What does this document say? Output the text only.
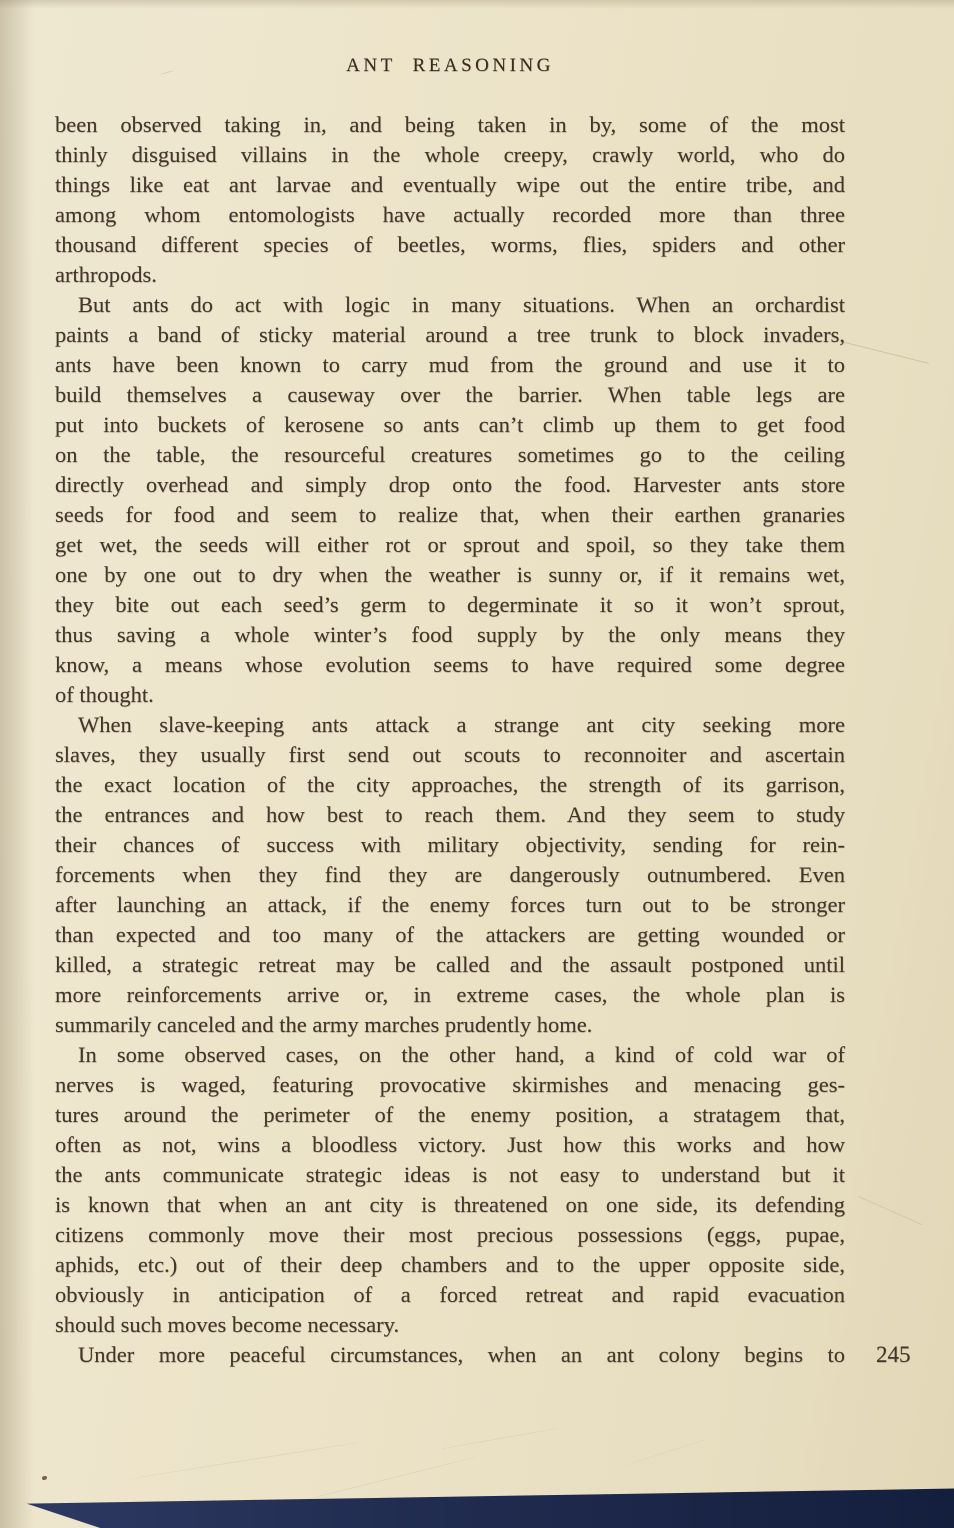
ANT REASONING
been observed taking in, and being taken in by, some of the most
thinly disguised villains in the whole creepy, crawly world, who do
things like eat ant larvae and eventually wipe out the entire tribe, and
among whom entomologists have actually recorded more than three
thousand different species of beetles, worms, flies, spiders and other
arthropods.
But ants do act with logic in many situations. When an orchardist
paints a band of sticky material around a tree trunk to block invaders,
ants have been known to carry mud from the ground and use it to
build themselves a causeway over the barrier. When table legs are
put into buckets of kerosene so ants can’t climb up them to get food
on the table, the resourceful creatures sometimes go to the ceiling
directly overhead and simply drop onto the food. Harvester ants store
seeds for food and seem to realize that, when their earthen granaries
get wet, the seeds will either rot or sprout and spoil, so they take them
one by one out to dry when the weather is sunny or, if it remains wet,
they bite out each seed’s germ to degerminate it so it won’t sprout,
thus saving a whole winter’s food supply by the only means they
know, a means whose evolution seems to have required some degree
of thought.
When slave-keeping ants attack a strange ant city seeking more
slaves, they usually first send out scouts to reconnoiter and ascertain
the exact location of the city approaches, the strength of its garrison,
the entrances and how best to reach them. And they seem to study
their chances of success with military objectivity, sending for rein-
forcements when they find they are dangerously outnumbered. Even
after launching an attack, if the enemy forces turn out to be stronger
than expected and too many of the attackers are getting wounded or
killed, a strategic retreat may be called and the assault postponed until
more reinforcements arrive or, in extreme cases, the whole plan is
summarily canceled and the army marches prudently home.
In some observed cases, on the other hand, a kind of cold war of
nerves is waged, featuring provocative skirmishes and menacing ges-
tures around the perimeter of the enemy position, a stratagem that,
often as not, wins a bloodless victory. Just how this works and how
the ants communicate strategic ideas is not easy to understand but it
is known that when an ant city is threatened on one side, its defending
citizens commonly move their most precious possessions (eggs, pupae,
aphids, etc.) out of their deep chambers and to the upper opposite side,
obviously in anticipation of a forced retreat and rapid evacuation
should such moves become necessary.
Under more peaceful circumstances, when an ant colony begins to 245
